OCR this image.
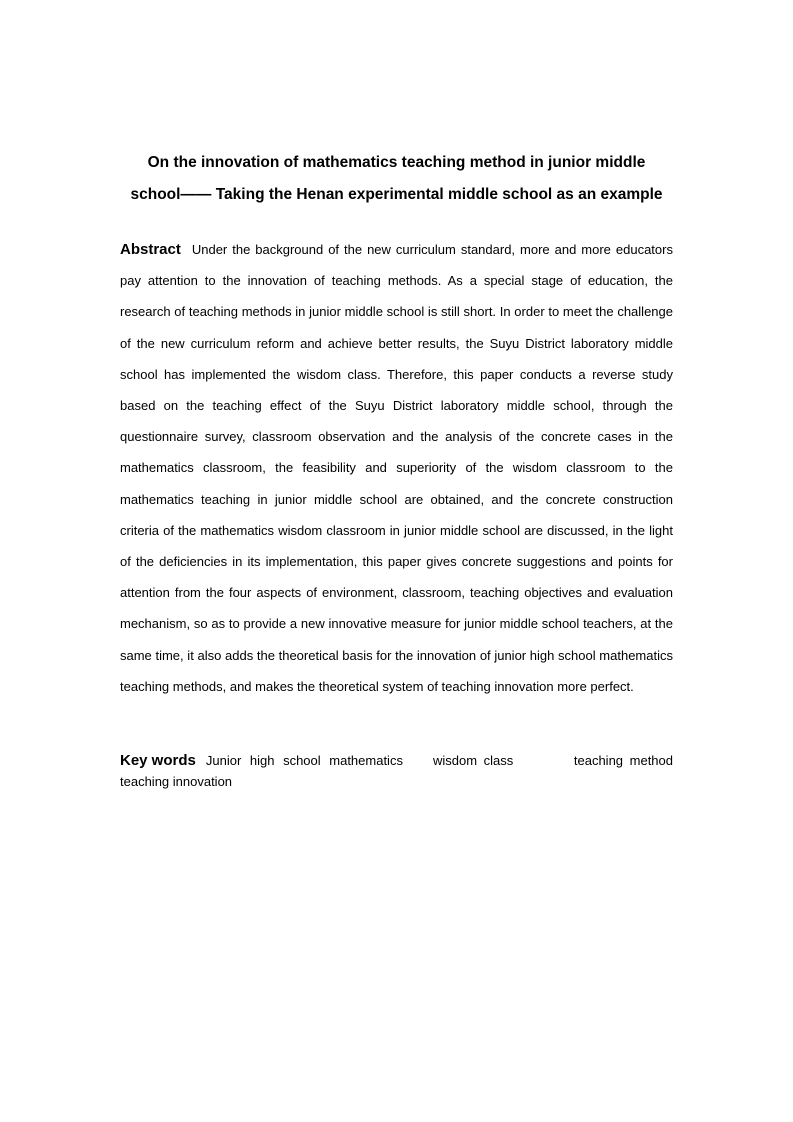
On the innovation of mathematics teaching method in junior middle
school—— Taking the Henan experimental middle school as an example
Abstract Under the background of the new curriculum standard, more and more educators pay attention to the innovation of teaching methods. As a special stage of education, the research of teaching methods in junior middle school is still short. In order to meet the challenge of the new curriculum reform and achieve better results, the Suyu District laboratory middle school has implemented the wisdom class. Therefore, this paper conducts a reverse study based on the teaching effect of the Suyu District laboratory middle school, through the questionnaire survey, classroom observation and the analysis of the concrete cases in the mathematics classroom, the feasibility and superiority of the wisdom classroom to the mathematics teaching in junior middle school are obtained, and the concrete construction criteria of the mathematics wisdom classroom in junior middle school are discussed, in the light of the deficiencies in its implementation, this paper gives concrete suggestions and points for attention from the four aspects of environment, classroom, teaching objectives and evaluation mechanism, so as to provide a new innovative measure for junior middle school teachers, at the same time, it also adds the theoretical basis for the innovation of junior high school mathematics teaching methods, and makes the theoretical system of teaching innovation more perfect.
Key words Junior high school mathematics wisdom class	teaching method
teaching innovation
